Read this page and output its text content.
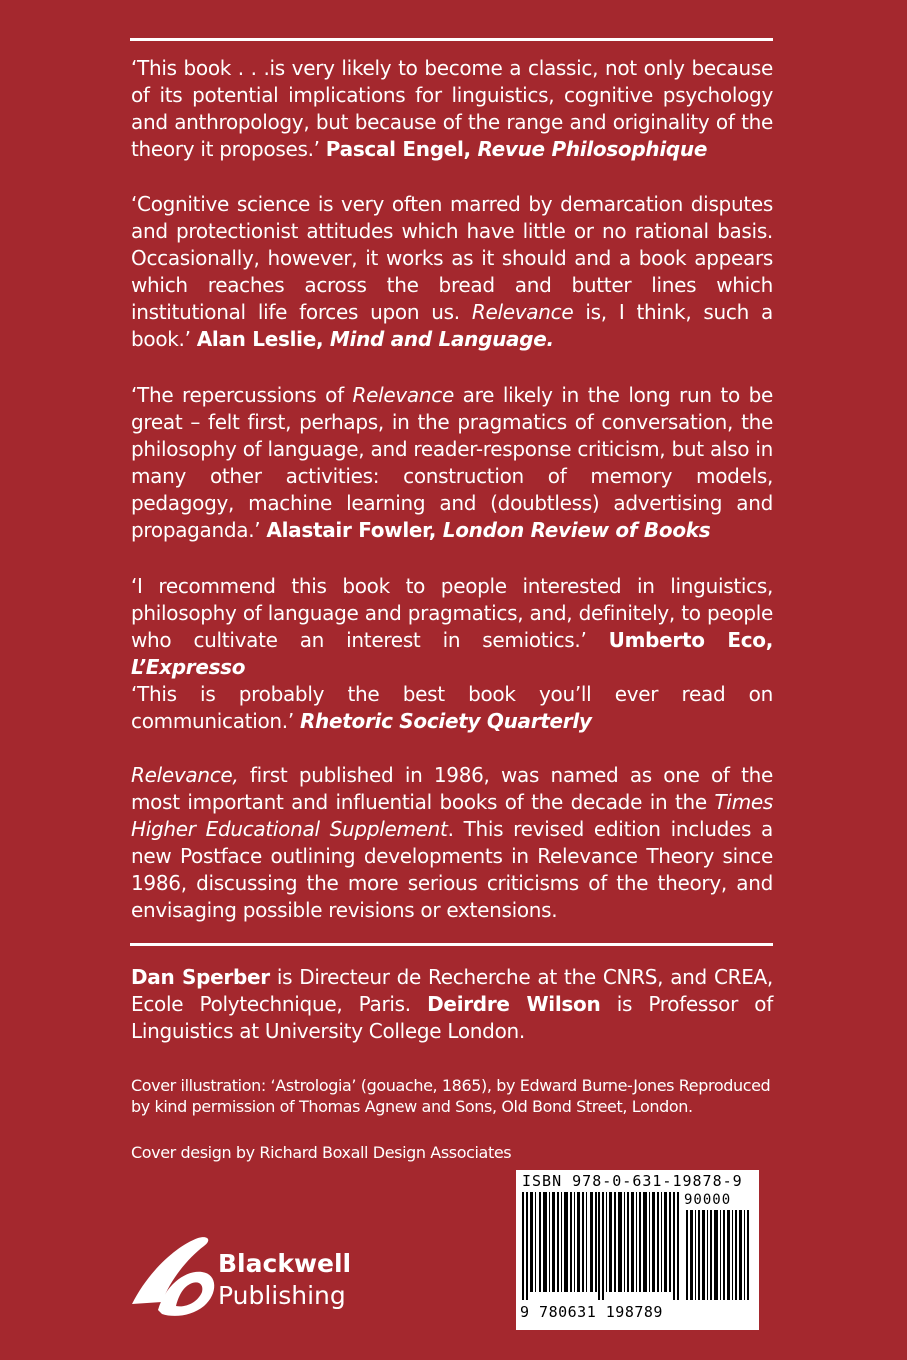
‘This book . . .is very likely to become a classic, not only because of its potential implications for linguistics, cognitive psychology and anthropology, but because of the range and originality of the theory it proposes.’ Pascal Engel, Revue Philosophique

‘Cognitive science is very often marred by demarcation disputes and protectionist attitudes which have little or no rational basis. Occasionally, however, it works as it should and a book appears which reaches across the bread and butter lines which institutional life forces upon us. Relevance is, I think, such a book.’ Alan Leslie, Mind and Language.

‘The repercussions of Relevance are likely in the long run to be great – felt first, perhaps, in the pragmatics of conversation, the philosophy of language, and reader-response criticism, but also in many other activities: construction of memory models, pedagogy, machine learning and (doubtless) advertising and propaganda.’ Alastair Fowler, London Review of Books

‘I recommend this book to people interested in linguistics, philosophy of language and pragmatics, and, definitely, to people who cultivate an interest in semiotics.’ Umberto Eco, L’Expresso

‘This is probably the best book you’ll ever read on communication.’ Rhetoric Society Quarterly

Relevance, first published in 1986, was named as one of the most important and influential books of the decade in the Times Higher Educational Supplement. This revised edition includes a new Postface outlining developments in Relevance Theory since 1986, discussing the more serious criticisms of the theory, and envisaging possible revisions or extensions.

Dan Sperber is Directeur de Recherche at the CNRS, and CREA, Ecole Polytechnique, Paris. Deirdre Wilson is Professor of Linguistics at University College London.

Cover illustration: ‘Astrologia’ (gouache, 1865), by Edward Burne-Jones Reproduced by kind permission of Thomas Agnew and Sons, Old Bond Street, London.

Cover design by Richard Boxall Design Associates

Blackwell
Publishing
ISBN 978-0-631-19878-9
90000
9 780631 198789
